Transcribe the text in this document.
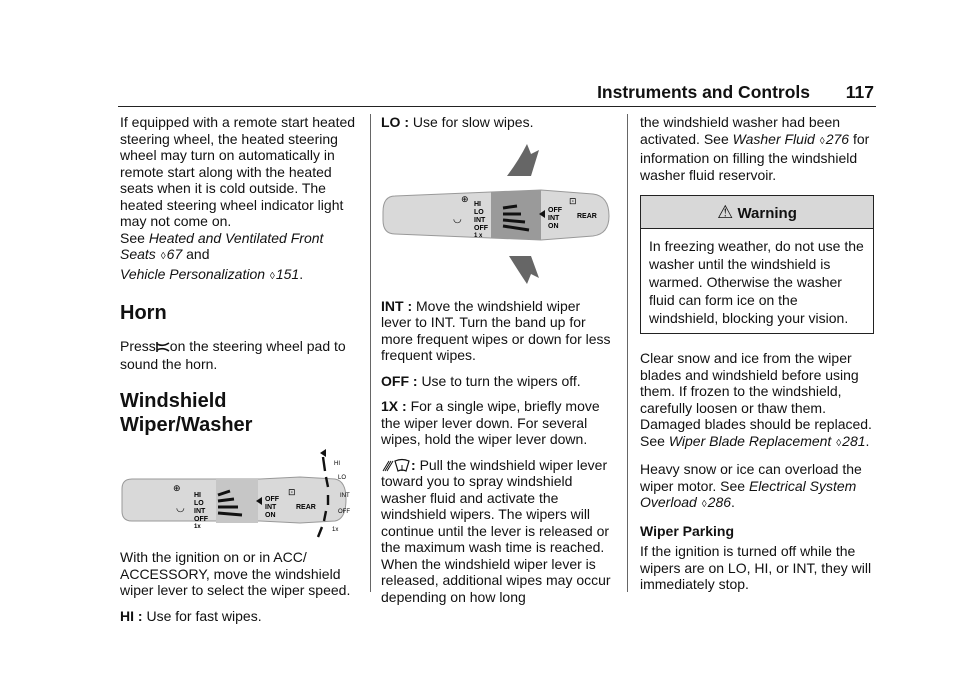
Instruments and Controls 117

If equipped with a remote start heated steering wheel, the heated steering wheel may turn on automatically in remote start along with the heated seats when it is cold outside. The heated steering wheel indicator light may not come on.
See Heated and Ventilated Front Seats ◊67 and
Vehicle Personalization ◊151.

Horn

Press on the steering wheel pad to sound the horn.

Windshield Wiper/Washer
⊕
◡
HI
LO
INT
OFF
1x
OFF
INT
ON
⊡
REAR
HI
LO
INT
OFF
1x

With the ignition on or in ACC/ ACCESSORY, move the windshield wiper lever to select the wiper speed.

HI : Use for fast wipes.

LO : Use for slow wipes.

⊕
◡
HI
LO
INT
OFF
1 x
OFF
INT
ON
⊡
REAR

INT : Move the windshield wiper lever to INT. Turn the band up for more frequent wipes or down for less frequent wipes.

OFF : Use to turn the wipers off.

1X : For a single wipe, briefly move the wiper lever down. For several wipes, hold the wiper lever down.

: Pull the windshield wiper lever toward you to spray windshield washer fluid and activate the windshield wipers. The wipers will continue until the lever is released or the maximum wash time is reached. When the windshield wiper lever is released, additional wipes may occur depending on how long

the windshield washer had been activated. See Washer Fluid ◊276 for information on filling the windshield washer fluid reservoir.

⚠ Warning
In freezing weather, do not use the washer until the windshield is warmed. Otherwise the washer fluid can form ice on the windshield, blocking your vision.

Clear snow and ice from the wiper blades and windshield before using them. If frozen to the windshield, carefully loosen or thaw them. Damaged blades should be replaced. See Wiper Blade Replacement ◊281.

Heavy snow or ice can overload the wiper motor. See Electrical System Overload ◊286.

Wiper Parking

If the ignition is turned off while the wipers are on LO, HI, or INT, they will immediately stop.
